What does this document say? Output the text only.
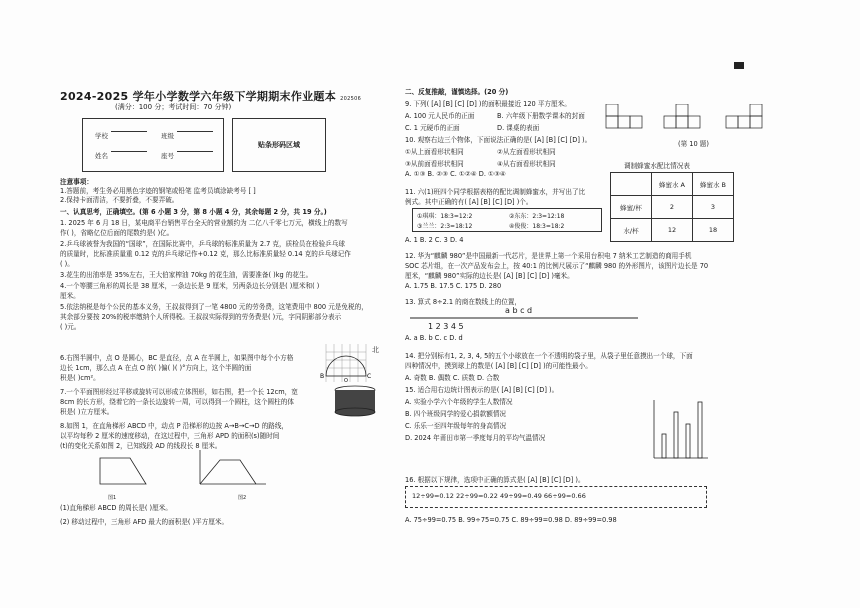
2024-2025 学年小学数学六年级下学期期末作业题本 202506
(满分：100 分；考试时间：70 分钟)
学校	班级
姓名	座号
贴条形码区域
注意事项：
1.答题前，考生务必用黑色字迹的钢笔或铅笔 监考员填涂缺考号 [ ]
2.保持卡面清洁，不要折叠，不要弄破。
一、认真思考，正确填空。(第 6 小题 3 分，第 8 小题 4 分，其余每题 2 分，共 19 分。)
1. 2025 年 6 月 18 日，某电商平台销售平台全天的营业额约为 二亿八千零七万元，横线上的数写
作( )，省略亿位后面的尾数约是( )亿。
2.乒乓球被誉为我国的“国球”，在国际比赛中，乒乓球的标准质量为 2.7 克，质检员在检验乒乓球
的质量时，比标准质量重 0.12 克的乒乓球记作+0.12 克，那么比标准质量轻 0.14 克的乒乓球记作
( )。
3.花生的出油率是 35%左右，王大伯家榨油 70kg 的花生油，需要准备( )kg 的花生。
4.一个等腰三角形的周长是 38 厘米，一条边长是 9 厘米，另两条边长分别是( )厘米和( )
厘米。
5.依法纳税是每个公民的基本义务，王叔叔得到了一笔 4800 元的劳务费，这笔费用中 800 元是免税的，
其余部分要按 20%的税率缴纳个人所得税。王叔叔实际得到的劳务费是( )元，字同阴影部分表示
( )元。
6.右图半圆中，点 O 是圆心，BC 是直径，点 A 在半圆上，如果图中每个小方格
边长 1cm，那么点 A 在点 O 的( )偏( )( )°方向上，这个半圆的面
积是( )cm²。
7.一个平面图形经过平移或旋转可以形成立体图形，如右图，把一个长 12cm，宽
8cm 的长方形，绕着它的一条长边旋转一周，可以得到一个圆柱，这个圆柱的体
积是( )立方厘米。
8.如图 1，在直角梯形 ABCD 中，动点 P 沿梯形的边按 A→B→C→D 的路线，
以平均每秒 2 厘米的速度移动，在这过程中，三角形 APD 的面积(s)随时间
(t)的变化关系如图 2，已知线段 AD 的线段长 8 厘米。
B	C
O
北
图1	图2
(1)直角梯形 ABCD 的周长是( )厘米。
(2) 移动过程中，三角形 AFD 最大的面积是( )平方厘米。
二、反复推敲，谨慎选择。(20 分)
9. 下列( [A] [B] [C] [D] )的面积最接近 120 平方厘米。
A. 100 元人民币的正面	B. 六年级下册数学课本的封面
C. 1 元硬币的正面	D. 课桌的表面
10. 观察右边三个物体，下面说法正确的是( [A] [B] [C] [D] )。
①从上面看形状相同	②从左面看形状相同
③从前面看形状相同	④从右面看形状相同
A. ①③ B. ②③ C. ①②④ D. ①③④
(第 10 题)
调制蜂蜜水配比情况表
	蜂蜜水 A	蜂蜜水 B
蜂蜜/杯	2	3
水/杯	12	18
11. 六(1)班四个同学根据表格的配比调制蜂蜜水，并写出了比
例式。其中正确的有( [A] [B] [C] [D] )个。
①琪琪：18:3=12:2	②东东：2:3=12:18
③兰兰：2:3=18:12	④俊俊：18:3=18:2
A. 1 B. 2 C. 3 D. 4
12. 华为“麒麟 980”是中国最新一代芯片，是世界上第一个采用台积电 7 纳米工艺制造的商用手机
SOC 芯片组，在一次产品发布会上，按 40:1 的比例尺展示了“麒麟 980 的外形图片，该图片边长是 70
厘米，“麒麟 980”实际的边长是( [A] [B] [C] [D] )毫米。
A. 1.75 B. 17.5 C. 175 D. 280
13. 算式 8÷2.1 的商在数线上的位置，
a b c d
1 2 3 4 5
A. a B. b C. c D. d
14. 把分别标有1, 2, 3, 4, 5的五个小球放在一个不透明的袋子里，从袋子里任意摸出一个球，下面
四种情况中，摸到球上的数是( [A] [B] [C] [D] )的可能性最小。
A. 奇数 B. 偶数 C. 质数 D. 合数
15. 适合用右边统计图表示的是( [A] [B] [C] [D] )。
A. 实验小学六个年级的学生人数情况
B. 四个班级同学的爱心捐款额情况
C. 乐乐一至四年级每年的身高情况
D. 2024 年莆田市第一季度每月的平均气温情况
16. 根据以下规律，选项中正确的算式是( [A] [B] [C] [D] )。
12÷99=0.12 22÷99=0.22 49÷99=0.49 66÷99=0.66
A. 75÷99=0.75 B. 99÷75=0.75 C. 89÷99=0.98 D. 89÷99=0.98
